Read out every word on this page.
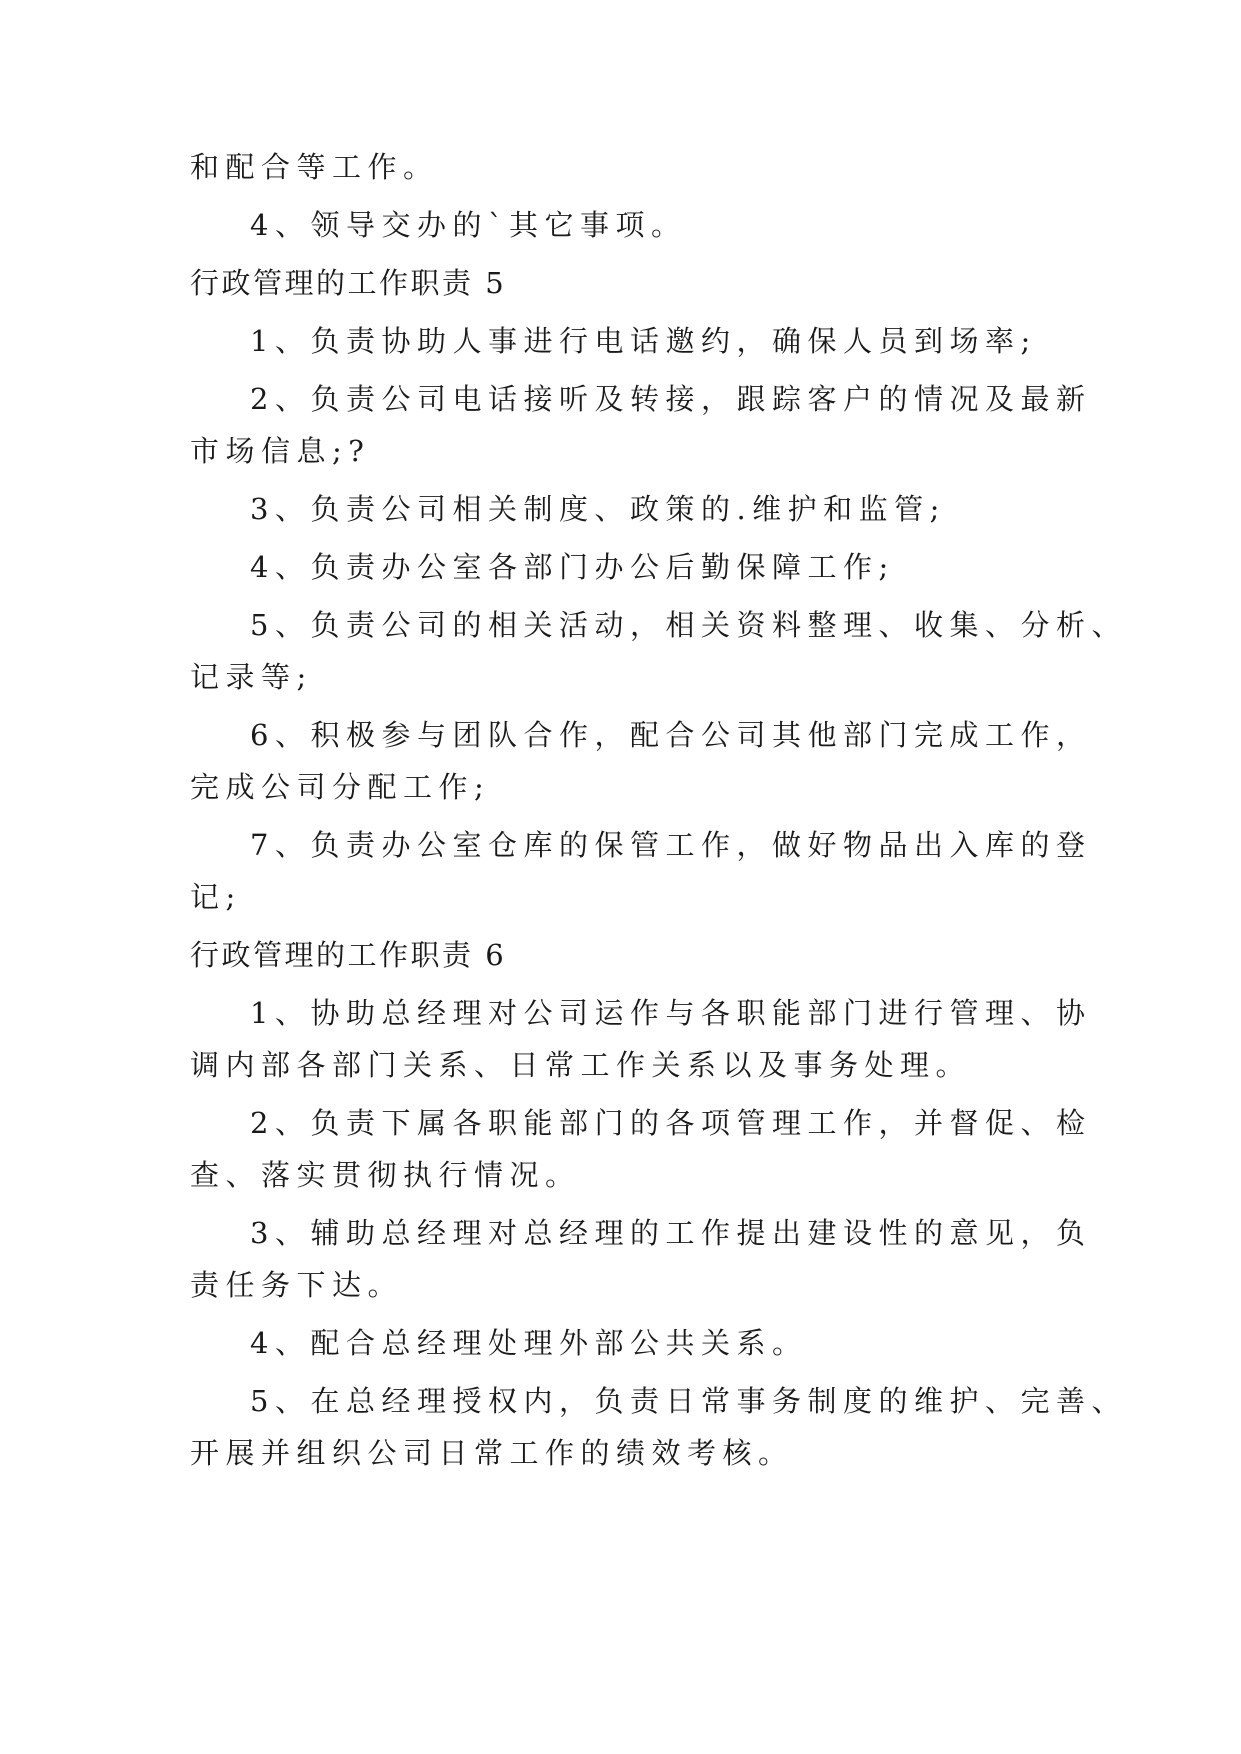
和配合等工作。
4、领导交办的`其它事项。
行政管理的工作职责 5
1、负责协助人事进行电话邀约，确保人员到场率;
2、负责公司电话接听及转接，跟踪客户的情况及最新
市场信息;?
3、负责公司相关制度、政策的.维护和监管;
4、负责办公室各部门办公后勤保障工作;
5、负责公司的相关活动，相关资料整理、收集、分析、
记录等;
6、积极参与团队合作，配合公司其他部门完成工作，
完成公司分配工作;
7、负责办公室仓库的保管工作，做好物品出入库的登
记;
行政管理的工作职责 6
1、协助总经理对公司运作与各职能部门进行管理、协
调内部各部门关系、日常工作关系以及事务处理。
2、负责下属各职能部门的各项管理工作，并督促、检
查、落实贯彻执行情况。
3、辅助总经理对总经理的工作提出建设性的意见，负
责任务下达。
4、配合总经理处理外部公共关系。
5、在总经理授权内，负责日常事务制度的维护、完善、
开展并组织公司日常工作的绩效考核。
